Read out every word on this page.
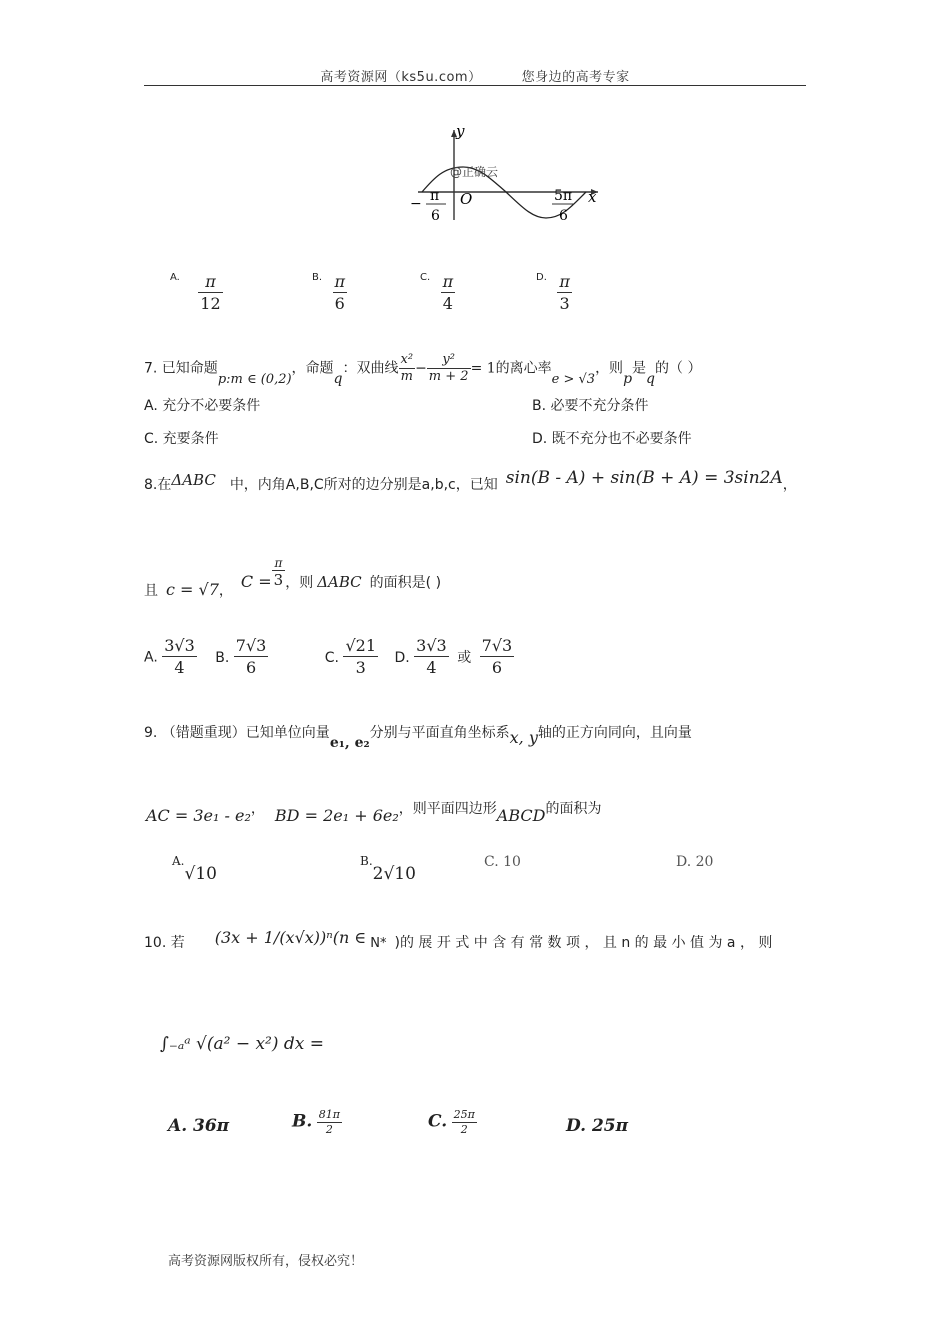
高考资源网（ks5u.com）	您身边的高考专家
y
x
O
@正确云
− π
6
5π
6
$^{A.} \frac{\pi}{12}$	$^{B.} \frac{\pi}{6}$	$^{C.} \frac{\pi}{4}$	$^{D.} \frac{\pi}{3}$
7. 已知命题p:m ∈ (0,2)，命题q：双曲线 $\frac{\text{x²}}{m} - \frac{\text{y²}}{m + 2} = 1$的离心率e > √3，则p是q的（ ）
A. 充分不必要条件	B. 必要不充分条件
C. 充要条件	D. 既不充分也不必要条件
8.在ΔABC 中，内角A,B,C所对的边分别是a,b,c，已知 sin(B - A) + sin(B + A) = 3sin2A，
且 c = √7， $C = \frac{\pi}{3}$ ，则 ΔABC 的面积是( )
A. $\frac{3√3}{4} B$. $\frac{7√3}{6}$	C. $\frac{√21}{3} D$. $\frac{3√3}{4}$ 或 $\frac{7√3}{6}$
9. （错题重现）已知单位向量e₁, e₂分别与平面直角坐标系x, y轴的正方向同向，且向量
AC = 3e₁ - e₂， BD = 2e₁ + 6e₂，则平面四边形ABCD的面积为
A.√10
B.2√10
C. 10	D. 20
10. 若 (3x + 1/(x√x))ⁿ(n ∈ N* )的 展 开 式 中 含 有 常 数 项 ， 且 n 的 最 小 值 为 a ， 则
∫₋ₐᵃ √(a² − x²) dx =
A. 36π	B. $\frac{81\pi}{2}$	C. $\frac{25\pi}{2}$	D. 25π
高考资源网版权所有，侵权必究！
